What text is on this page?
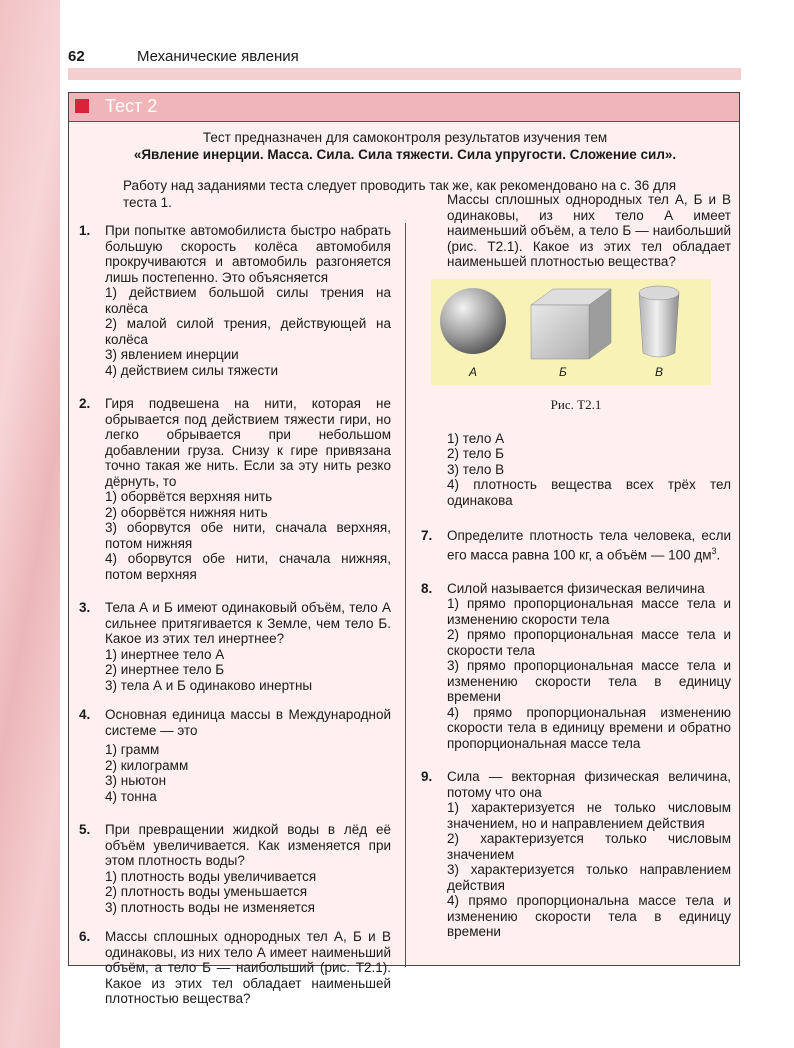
62	Механические явления
Тест 2
Тест предназначен для самоконтроля результатов изучения тем
«Явление инерции. Масса. Сила. Сила тяжести. Сила упругости. Сложение сил».
Работу над заданиями теста следует проводить так же, как рекомендовано на с. 36 для теста 1.
1. При попытке автомобилиста быстро набрать большую скорость колёса автомобиля прокручиваются и автомобиль разгоняется лишь постепенно. Это объясняется

1) действием большой силы трения на колёса

2) малой силой трения, действующей на колёса

3) явлением инерции

4) действием силы тяжести

2. Гиря подвешена на нити, которая не обрывается под действием тяжести гири, но легко обрывается при небольшом добавлении груза. Снизу к гире привязана точно такая же нить. Если за эту нить резко дёрнуть, то

1) оборвётся верхняя нить

2) оборвётся нижняя нить

3) оборвутся обе нити, сначала верхняя, потом нижняя

4) оборвутся обе нити, сначала нижняя, потом верхняя

3. Тела А и Б имеют одинаковый объём, тело А сильнее притягивается к Земле, чем тело Б. Какое из этих тел инертнее?

1) инертнее тело А

2) инертнее тело Б

3) тела А и Б одинаково инертны

4. Основная единица массы в Международной системе — это

1) грамм

2) килограмм

3) ньютон

4) тонна

5. При превращении жидкой воды в лёд её объём увеличивается. Как изменяется при этом плотность воды?

1) плотность воды увеличивается

2) плотность воды уменьшается

3) плотность воды не изменяется

6. Массы сплошных однородных тел А, Б и В одинаковы, из них тело А имеет наименьший объём, а тело Б — наибольший (рис. Т2.1). Какое из этих тел обладает наименьшей плотностью вещества?

Массы сплошных однородных тел А, Б и В одинаковы, из них тело А имеет наименьший объём, а тело Б — наибольший (рис. Т2.1). Какое из этих тел обладает наименьшей плотностью вещества?

А	Б	В
Рис. Т2.1

1) тело А

2) тело Б

3) тело В

4) плотность вещества всех трёх тел одинакова

7. Определите плотность тела человека, если его масса равна 100 кг, а объём — 100 $дм^3$.

8. Силой называется физическая величина

1) прямо пропорциональная массе тела и изменению скорости тела

2) прямо пропорциональная массе тела и скорости тела

3) прямо пропорциональная массе тела и изменению скорости тела в единицу времени

4) прямо пропорциональная изменению скорости тела в единицу времени и обратно пропорциональная массе тела

9. Сила — векторная физическая величина, потому что она

1) характеризуется не только числовым значением, но и направлением действия

2) характеризуется только числовым значением

3) характеризуется только направлением действия

4) прямо пропорциональна массе тела и изменению скорости тела в единицу времени
